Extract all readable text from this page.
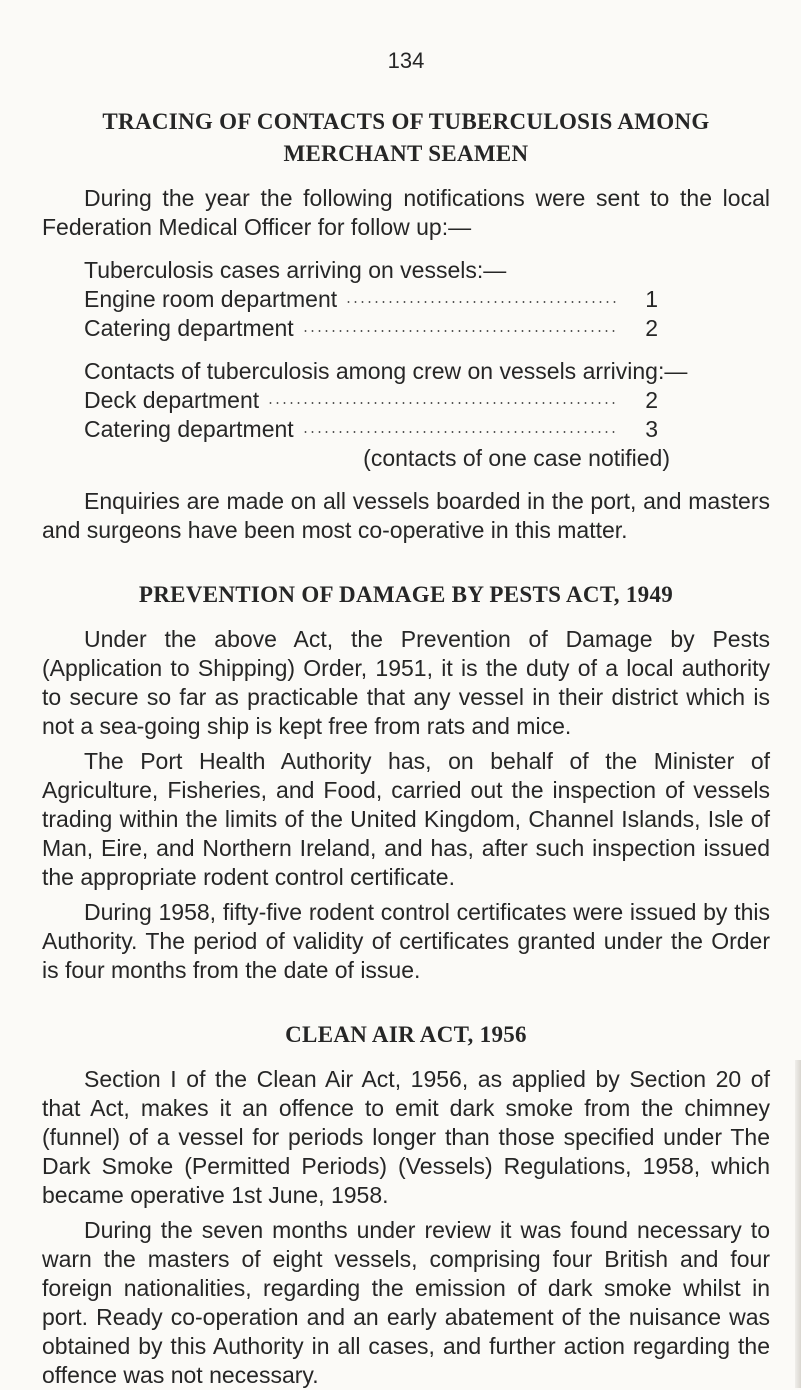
134
TRACING OF CONTACTS OF TUBERCULOSIS AMONG
MERCHANT SEAMEN

During the year the following notifications were sent to the local Federation Medical Officer for follow up:—

Tuberculosis cases arriving on vessels:—

Engine room department	1
Catering department	2

Contacts of tuberculosis among crew on vessels arriving:—

Deck department	2
Catering department	3
(contacts of one case notified)

Enquiries are made on all vessels boarded in the port, and masters and surgeons have been most co-operative in this matter.

PREVENTION OF DAMAGE BY PESTS ACT, 1949

Under the above Act, the Prevention of Damage by Pests (Application to Shipping) Order, 1951, it is the duty of a local authority to secure so far as practicable that any vessel in their district which is not a sea-going ship is kept free from rats and mice.

The Port Health Authority has, on behalf of the Minister of Agriculture, Fisheries, and Food, carried out the inspection of vessels trading within the limits of the United Kingdom, Channel Islands, Isle of Man, Eire, and Northern Ireland, and has, after such inspection issued the appropriate rodent control certificate.

During 1958, fifty-five rodent control certificates were issued by this Authority. The period of validity of certificates granted under the Order is four months from the date of issue.

CLEAN AIR ACT, 1956

Section I of the Clean Air Act, 1956, as applied by Section 20 of that Act, makes it an offence to emit dark smoke from the chimney (funnel) of a vessel for periods longer than those specified under The Dark Smoke (Permitted Periods) (Vessels) Regulations, 1958, which became operative 1st June, 1958.

During the seven months under review it was found necessary to warn the masters of eight vessels, comprising four British and four foreign nationalities, regarding the emission of dark smoke whilst in port. Ready co-operation and an early abatement of the nuisance was obtained by this Authority in all cases, and further action regarding the offence was not necessary.
